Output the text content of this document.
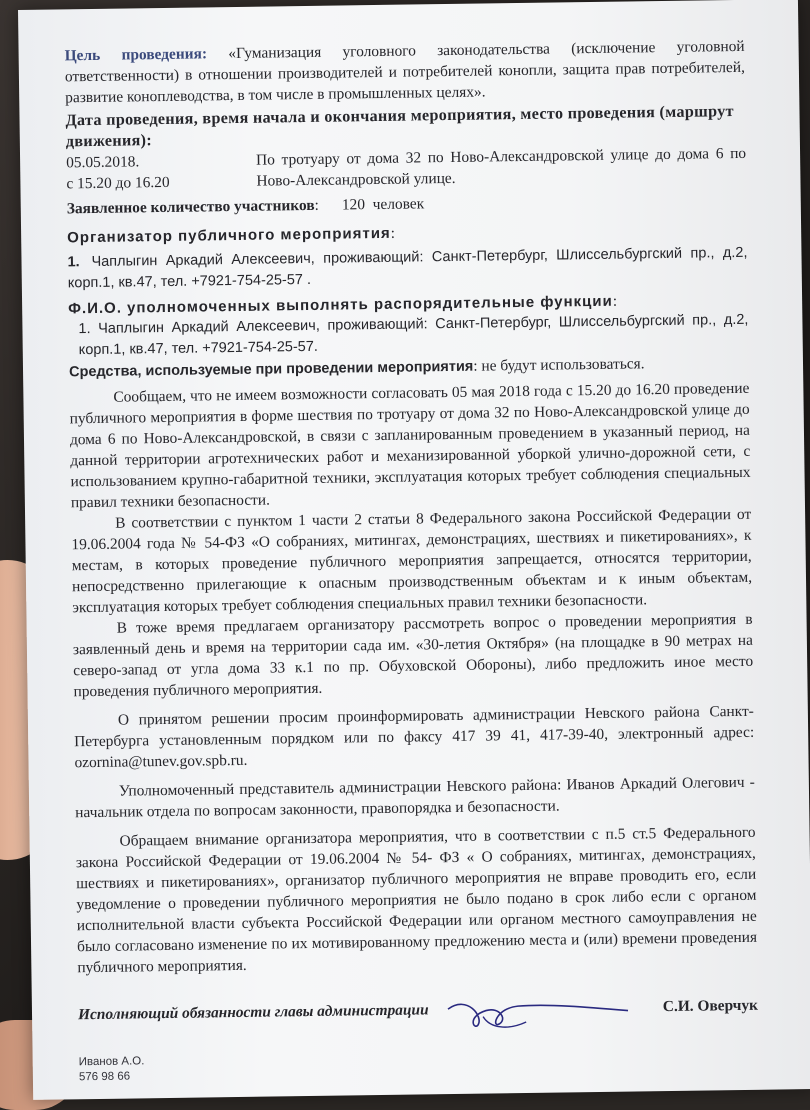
Цель проведения: «Гуманизация уголовного законодательства (исключение уголовной ответственности) в отношении производителей и потребителей конопли, защита прав потребителей, развитие коноплеводства, в том числе в промышленных целях».

Дата проведения, время начала и окончания мероприятия, место проведения (маршрут движения):
05.05.2018.
с 15.20 до 16.20
По тротуару от дома 32 по Ново-Александровской улице до дома 6 по Ново-Александровской улице.
Заявленное количество участников:      120  человек
Организатор публичного мероприятия:

1. Чаплыгин Аркадий Алексеевич, проживающий: Санкт-Петербург, Шлиссельбургский пр., д.2, корп.1, кв.47, тел. +7921-754-25-57 .

Ф.И.О. уполномоченных выполнять распорядительные функции:

1. Чаплыгин Аркадий Алексеевич, проживающий: Санкт-Петербург, Шлиссельбургский пр., д.2, корп.1, кв.47, тел. +7921-754-25-57.

Средства, используемые при проведении мероприятия: не будут использоваться.

Сообщаем, что не имеем возможности согласовать 05 мая 2018 года с 15.20 до 16.20 проведение публичного мероприятия в форме шествия по тротуару от дома 32 по Ново-Александровской улице до дома 6 по Ново-Александровской, в связи с запланированным проведением в указанный период, на данной территории агротехнических работ и механизированной уборкой улично-дорожной сети, с использованием крупно-габаритной техники, эксплуатация которых требует соблюдения специальных правил техники безопасности.

В соответствии с пунктом 1 части 2 статьи 8 Федерального закона Российской Федерации от 19.06.2004 года № 54-ФЗ «О собраниях, митингах, демонстрациях, шествиях и пикетированиях», к местам, в которых проведение публичного мероприятия запрещается, относятся территории, непосредственно прилегающие к опасным производственным объектам и к иным объектам, эксплуатация которых требует соблюдения специальных правил техники безопасности.

В тоже время предлагаем организатору рассмотреть вопрос о проведении мероприятия в заявленный день и время на территории сада им. «30-летия Октября» (на площадке в 90 метрах на северо-запад от угла дома 33 к.1 по пр. Обуховской Обороны), либо предложить иное место проведения публичного мероприятия.

О принятом решении просим проинформировать администрации Невского района Санкт-Петербурга установленным порядком или по факсу 417 39 41, 417-39-40, электронный адрес: ozornina@tunev.gov.spb.ru.

Уполномоченный представитель администрации Невского района: Иванов Аркадий Олегович - начальник отдела по вопросам законности, правопорядка и безопасности.

Обращаем внимание организатора мероприятия, что в соответствии с п.5 ст.5 Федерального закона Российской Федерации от 19.06.2004 № 54- ФЗ « О собраниях, митингах, демонстрациях, шествиях и пикетированиях», организатор публичного мероприятия не вправе проводить его, если уведомление о проведении публичного мероприятия не было подано в срок либо если с органом исполнительной власти субъекта Российской Федерации или органом местного самоуправления не было согласовано изменение по их мотивированному предложению места и (или) времени проведения публичного мероприятия.

Исполняющий обязанности главы администрации	С.И. Оверчук
Иванов А.О.
576 98 66
